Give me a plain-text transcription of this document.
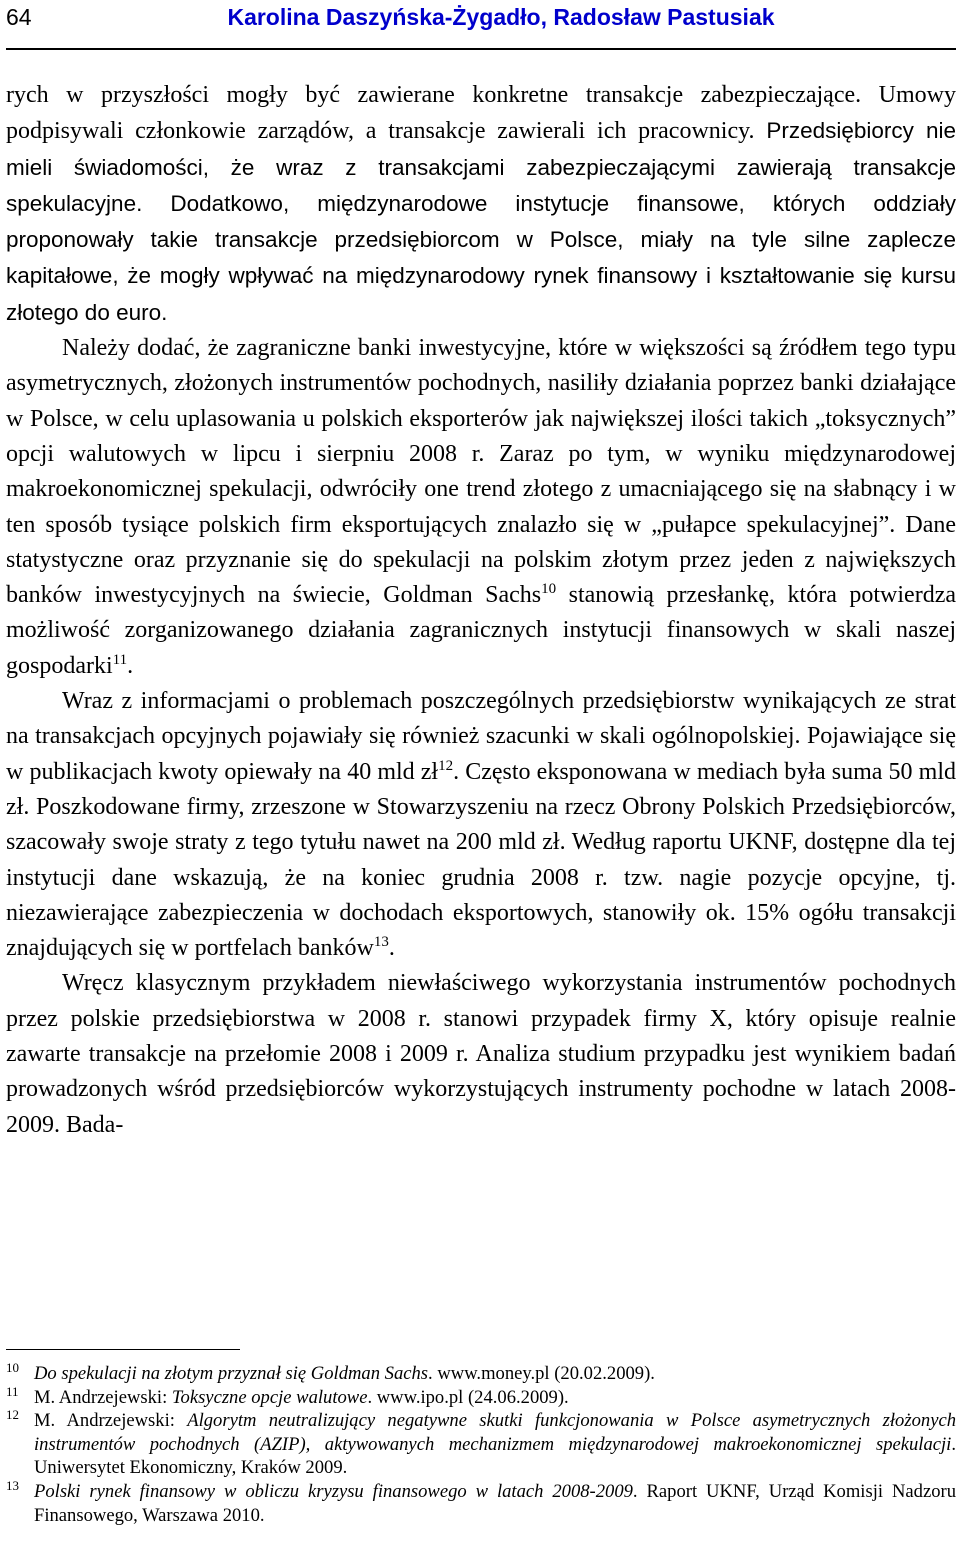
64	Karolina Daszyńska-Żygadło, Radosław Pastusiak

rych w przyszłości mogły być zawierane konkretne transakcje zabezpieczające. Umowy podpisywali członkowie zarządów, a transakcje zawierali ich pracownicy. Przedsiębiorcy nie mieli świadomości, że wraz z transakcjami zabezpieczającymi zawierają transakcje spekulacyjne. Dodatkowo, międzynarodowe instytucje finansowe, których oddziały proponowały takie transakcje przedsiębiorcom w Polsce, miały na tyle silne zaplecze kapitałowe, że mogły wpływać na międzynarodowy rynek finansowy i kształtowanie się kursu złotego do euro.

Należy dodać, że zagraniczne banki inwestycyjne, które w większości są źródłem tego typu asymetrycznych, złożonych instrumentów pochodnych, nasiliły działania poprzez banki działające w Polsce, w celu uplasowania u polskich eksporterów jak największej ilości takich „toksycznych” opcji walutowych w lipcu i sierpniu 2008 r. Zaraz po tym, w wyniku międzynarodowej makroekonomicznej spekulacji, odwróciły one trend złotego z umacniającego się na słabnący i w ten sposób tysiące polskich firm eksportujących znalazło się w „pułapce spekulacyjnej”. Dane statystyczne oraz przyznanie się do spekulacji na polskim złotym przez jeden z największych banków inwestycyjnych na świecie, Goldman Sachs$^{10}$ stanowią przesłankę, która potwierdza możliwość zorganizowanego działania zagranicznych instytucji finansowych w skali naszej gospodarki$^{11}$.

Wraz z informacjami o problemach poszczególnych przedsiębiorstw wynikających ze strat na transakcjach opcyjnych pojawiały się również szacunki w skali ogólnopolskiej. Pojawiające się w publikacjach kwoty opiewały na 40 mld $zł^{12}$. Często eksponowana w mediach była suma 50 mld zł. Poszkodowane firmy, zrzeszone w Stowarzyszeniu na rzecz Obrony Polskich Przedsiębiorców, szacowały swoje straty z tego tytułu nawet na 200 mld zł. Według raportu UKNF, dostępne dla tej instytucji dane wskazują, że na koniec grudnia 2008 r. tzw. nagie pozycje opcyjne, tj. niezawierające zabezpieczenia w dochodach eksportowych, stanowiły ok. 15% ogółu transakcji znajdujących się w portfelach banków$^{13}$.

Wręcz klasycznym przykładem niewłaściwego wykorzystania instrumentów pochodnych przez polskie przedsiębiorstwa w 2008 r. stanowi przypadek firmy X, który opisuje realnie zawarte transakcje na przełomie 2008 i 2009 r. Analiza studium przypadku jest wynikiem badań prowadzonych wśród przedsiębiorców wykorzystujących instrumenty pochodne w latach 2008-2009. Bada-

10 Do spekulacji na złotym przyznał się Goldman Sachs. www.money.pl (20.02.2009).

11 M. Andrzejewski: Toksyczne opcje walutowe. www.ipo.pl (24.06.2009).

12 M. Andrzejewski: Algorytm neutralizujący negatywne skutki funkcjonowania w Polsce asymetrycznych złożonych instrumentów pochodnych (AZIP), aktywowanych mechanizmem międzynarodowej makroekonomicznej spekulacji. Uniwersytet Ekonomiczny, Kraków 2009.

13 Polski rynek finansowy w obliczu kryzysu finansowego w latach 2008-2009. Raport UKNF, Urząd Komisji Nadzoru Finansowego, Warszawa 2010.
